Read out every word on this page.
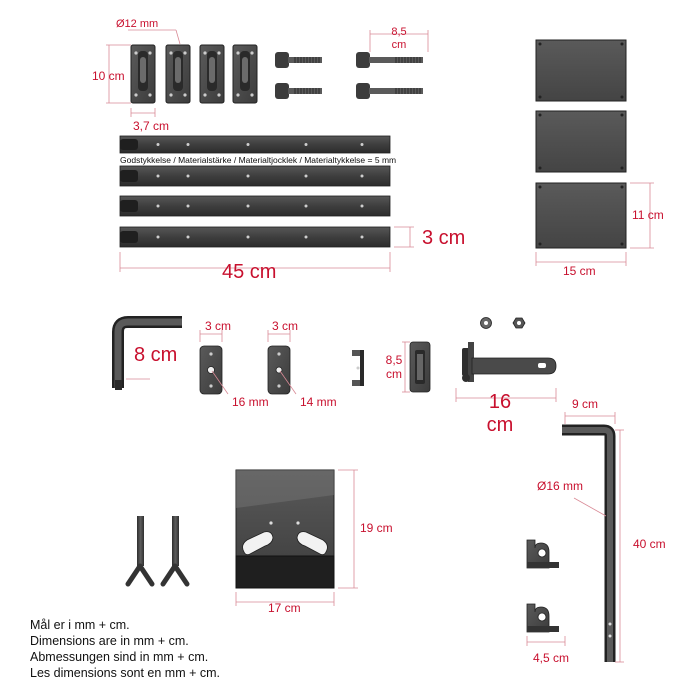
Ø12 mm
10 cm
3,7 cm
8,5
cm
Godstykkelse / Materialstärke / Materialtjocklek / Materialtykkelse = 5 mm
45 cm
3 cm
11 cm
15 cm
8 cm
3 cm	3 cm
16 mm	14 mm
8,5
cm
16
cm
9 cm
Ø16 mm
40 cm
19 cm
17 cm
4,5 cm
Mål er i mm + cm.
Dimensions are in mm + cm.
Abmessungen sind in mm + cm.
Les dimensions sont en mm + cm.
